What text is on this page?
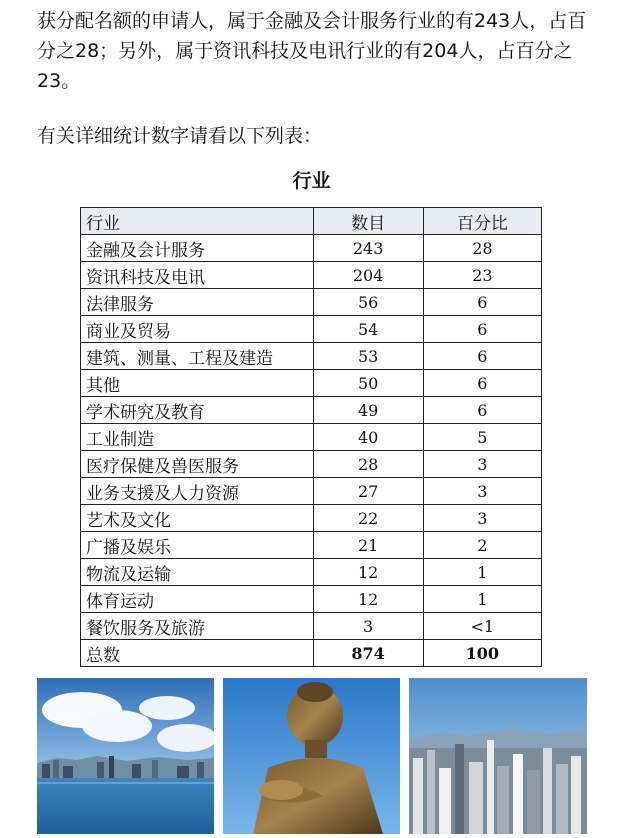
获分配名额的申请人，属于金融及会计服务行业的有243人，占百分之28；另外，属于资讯科技及电讯行业的有204人，占百分之23。

有关详细统计数字请看以下列表：

行业
行业	数目	百分比
金融及会计服务	243	28
资讯科技及电讯	204	23
法律服务	56	6
商业及贸易	54	6
建筑、测量、工程及建造	53	6
其他	50	6
学术研究及教育	49	6
工业制造	40	5
医疗保健及兽医服务	28	3
业务支援及人力资源	27	3
艺术及文化	22	3
广播及娱乐	21	2
物流及运输	12	1
体育运动	12	1
餐饮服务及旅游	3	<1
总数	874	100
